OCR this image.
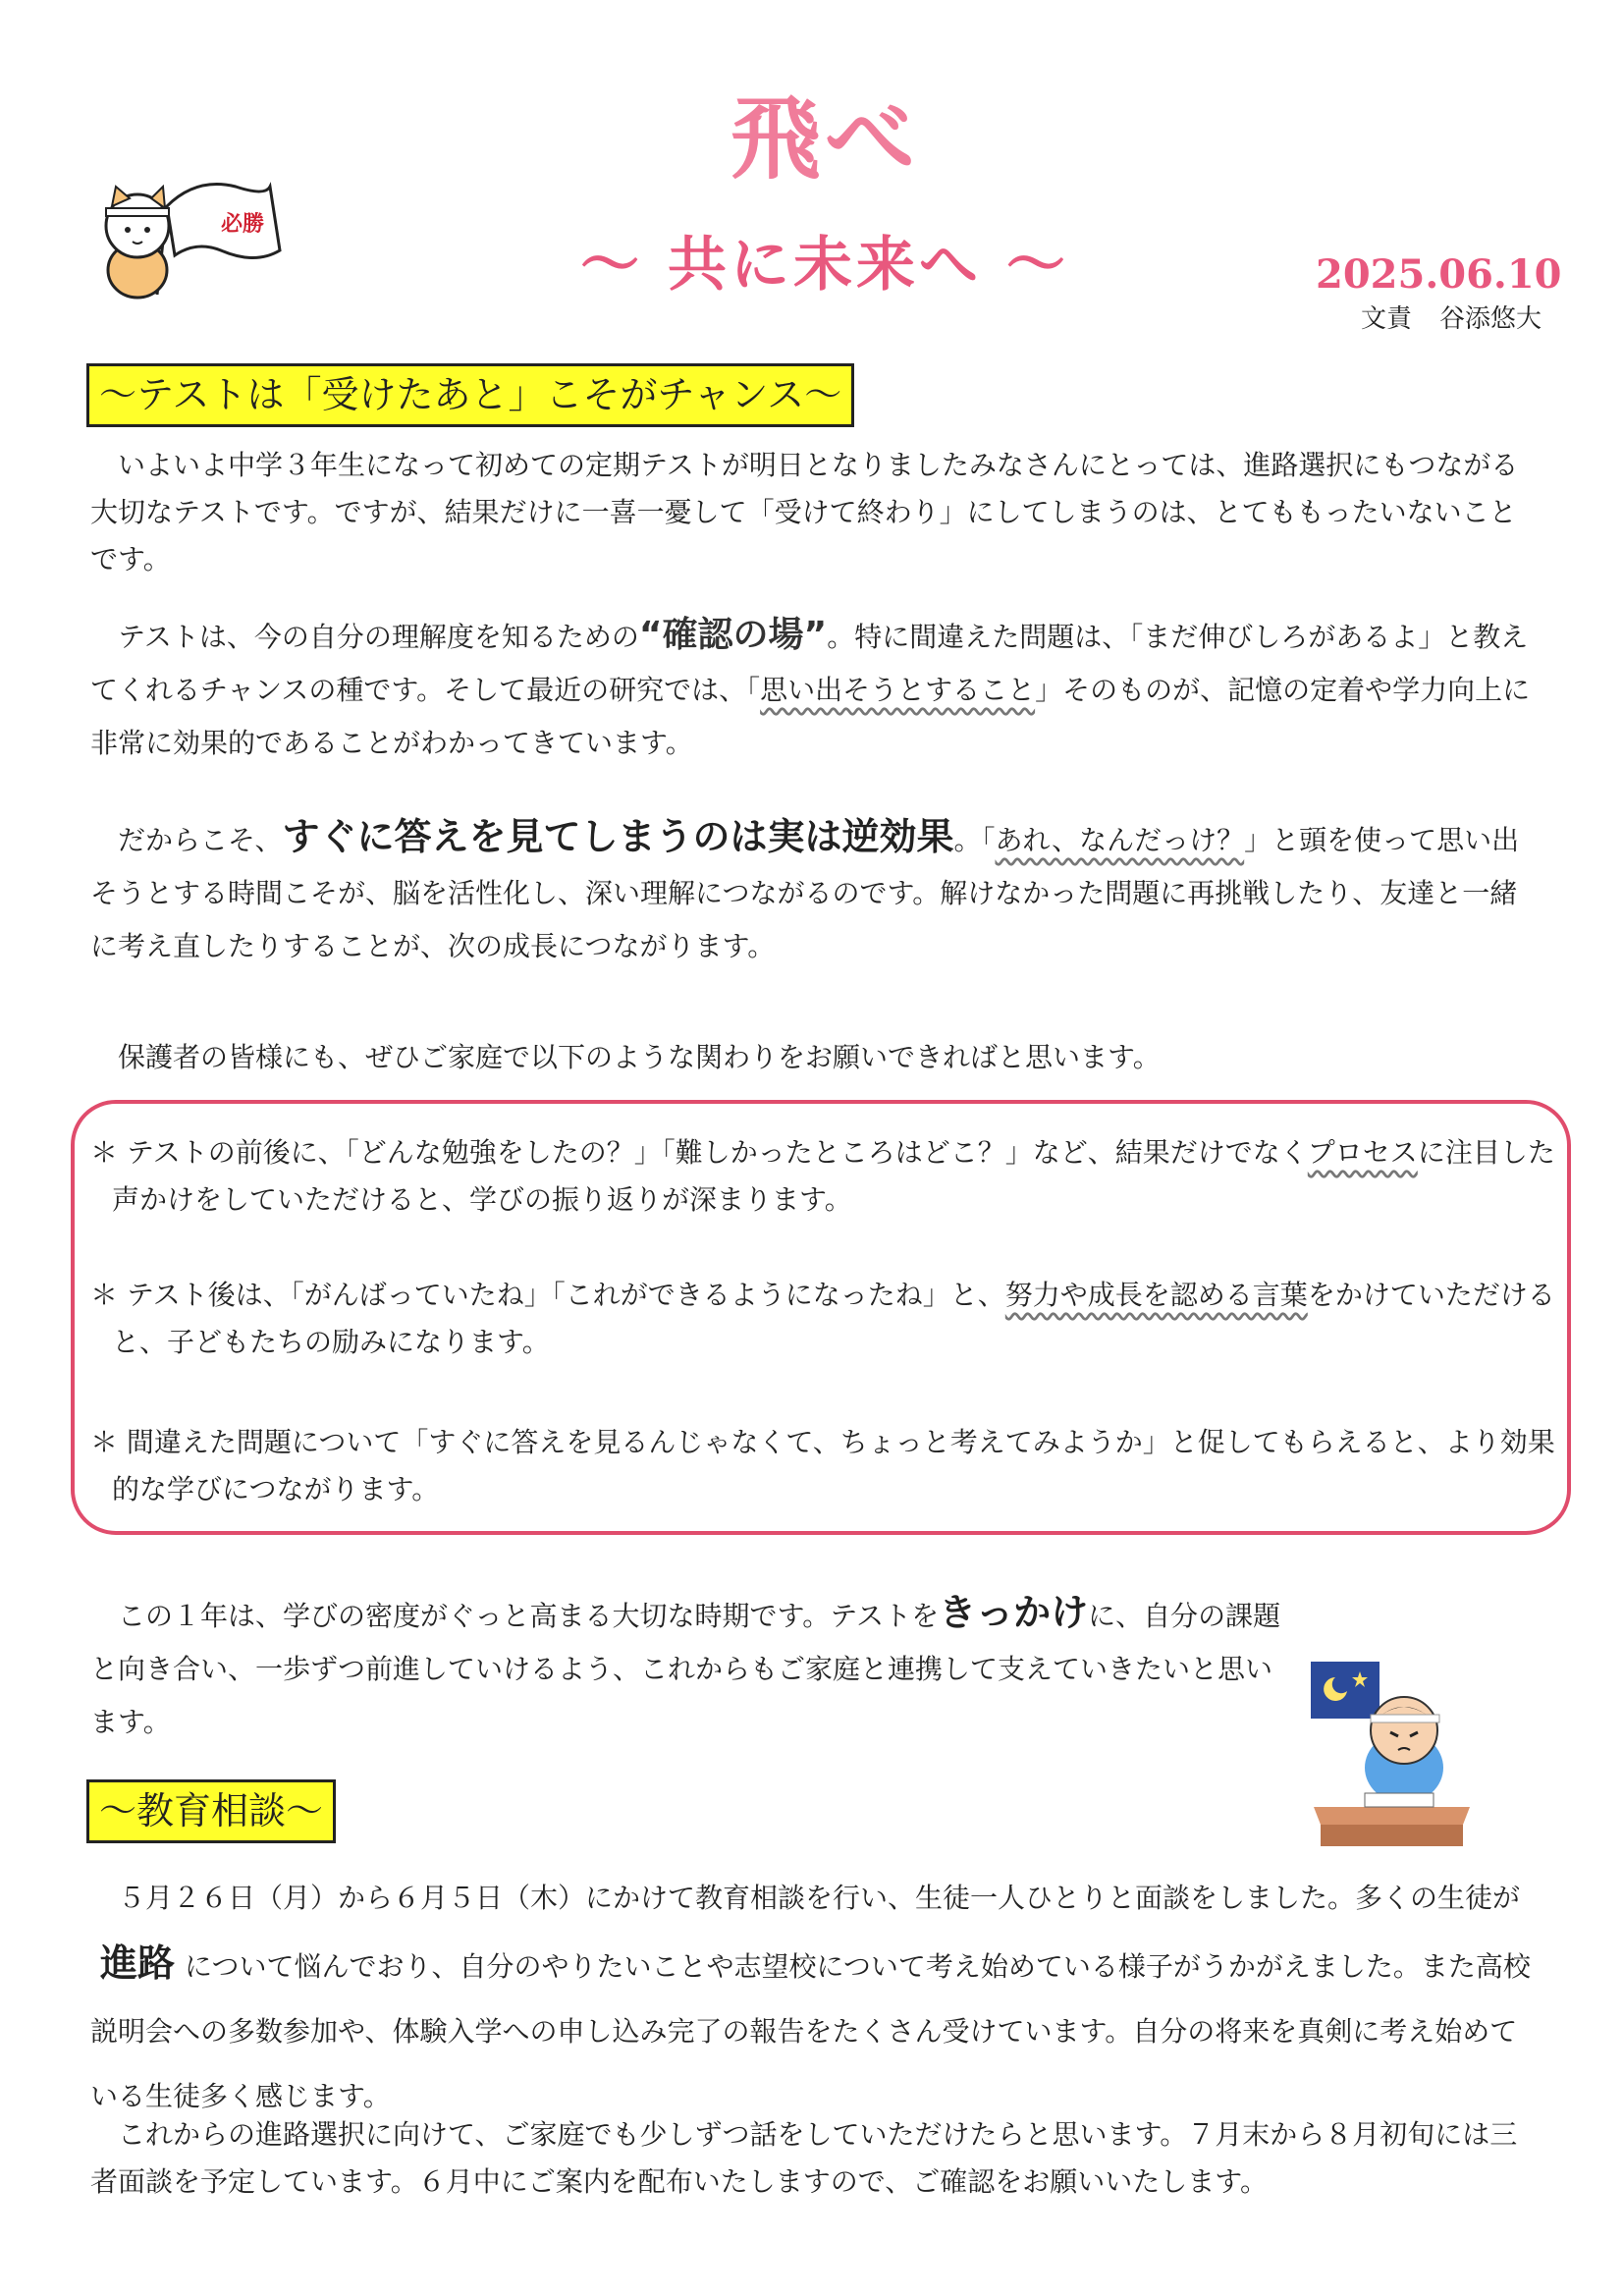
必勝
飛べ
～ 共に未来へ ～	2025.06.10
文責 谷添悠大
～テストは「受けたあと」こそがチャンス～

いよいよ中学３年生になって初めての定期テストが明日となりましたみなさんにとっては、進路選択にもつながる大切なテストです。ですが、結果だけに一喜一憂して「受けて終わり」にしてしまうのは、とてももったいないことです。

テストは、今の自分の理解度を知るための“確認の場”。特に間違えた問題は、「まだ伸びしろがあるよ」と教えてくれるチャンスの種です。そして最近の研究では、「思い出そうとすること」そのものが、記憶の定着や学力向上に非常に効果的であることがわかってきています。

だからこそ、すぐに答えを見てしまうのは実は逆効果。「あれ、なんだっけ？」と頭を使って思い出そうとする時間こそが、脳を活性化し、深い理解につながるのです。解けなかった問題に再挑戦したり、友達と一緒に考え直したりすることが、次の成長につながります。

保護者の皆様にも、ぜひご家庭で以下のような関わりをお願いできればと思います。

＊ テストの前後に、「どんな勉強をしたの？」「難しかったところはどこ？」など、結果だけでなくプロセスに注目した声かけをしていただけると、学びの振り返りが深まります。

＊ テスト後は、「がんばっていたね」「これができるようになったね」と、努力や成長を認める言葉をかけていただけると、子どもたちの励みになります。

＊ 間違えた問題について「すぐに答えを見るんじゃなくて、ちょっと考えてみようか」と促してもらえると、より効果的な学びにつながります。

この１年は、学びの密度がぐっと高まる大切な時期です。テストをきっかけに、自分の課題と向き合い、一歩ずつ前進していけるよう、これからもご家庭と連携して支えていきたいと思います。

～教育相談～

５月２６日（月）から６月５日（木）にかけて教育相談を行い、生徒一人ひとりと面談をしました。多くの生徒が進路 について悩んでおり、自分のやりたいことや志望校について考え始めている様子がうかがえました。また高校説明会への多数参加や、体験入学への申し込み完了の報告をたくさん受けています。自分の将来を真剣に考え始めている生徒多く感じます。

これからの進路選択に向けて、ご家庭でも少しずつ話をしていただけたらと思います。７月末から８月初旬には三者面談を予定しています。６月中にご案内を配布いたしますので、ご確認をお願いいたします。
